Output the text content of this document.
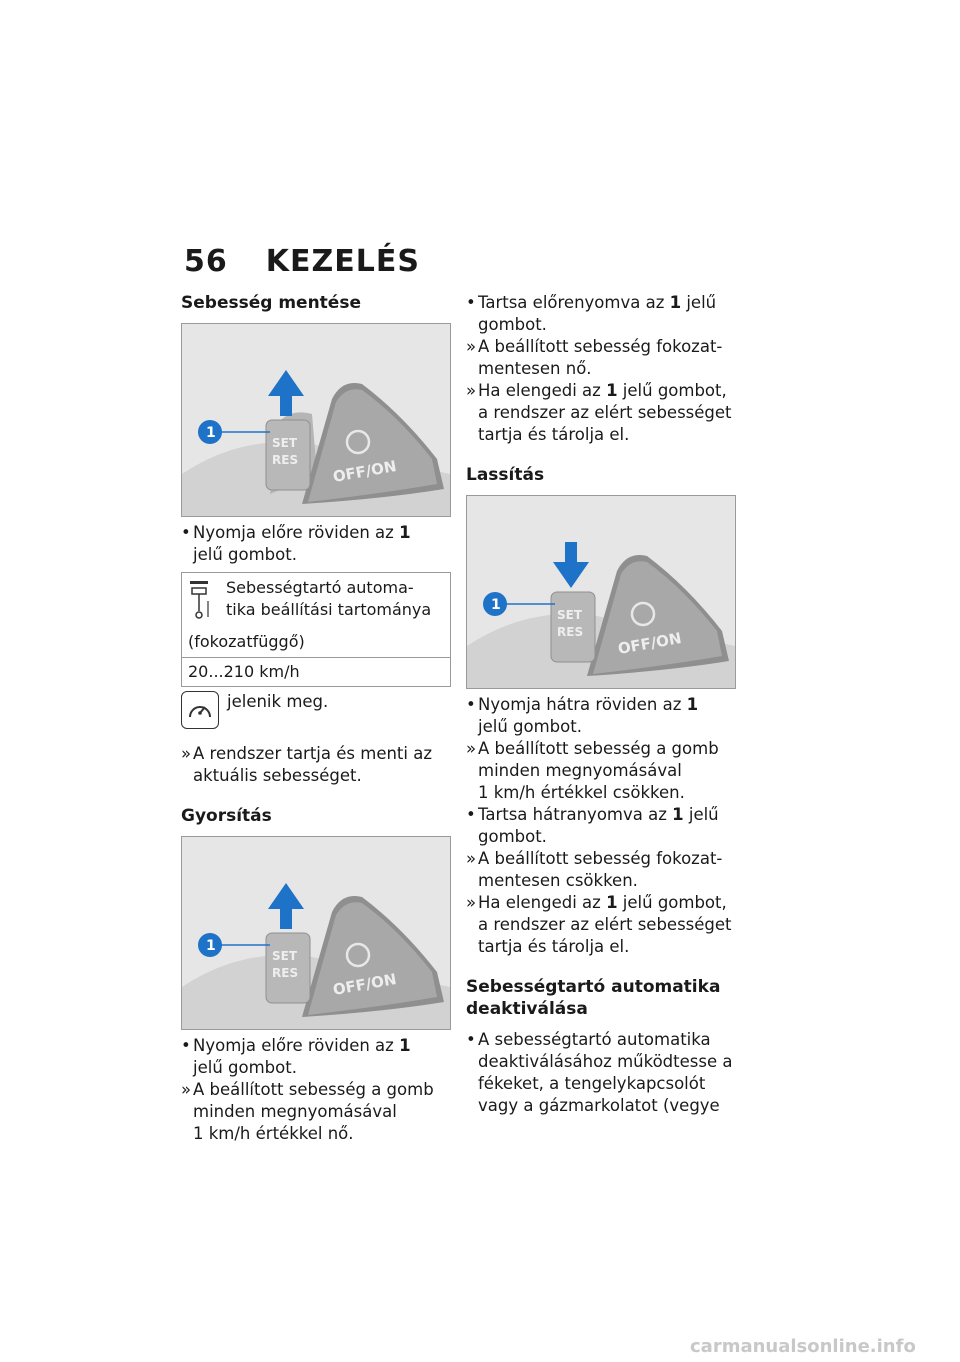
56 KEZELÉS
Sebesség mentése
SET
RES OFF/ON
1
• Nyomja előre röviden az 1
jelű gombot.
Sebességtartó automa-
tika beállítási tartománya
(fokozatfüggő)
20...210 km/h
jelenik meg.
» A rendszer tartja és menti az aktuális sebességet.
Gyorsítás
SET
RES OFF/ON
1
• Nyomja előre röviden az 1
jelű gombot.
» A beállított sebesség a gomb minden megnyomásával
1 km/h értékkel nő.
• Tartsa előrenyomva az 1 jelű
gombot.
» A beállított sebesség fokozat-mentesen nő.
» Ha elengedi az 1 jelű gombot,
a rendszer az elért sebességet tartja és tárolja el.
Lassítás
SET
RES OFF/ON
1
• Nyomja hátra röviden az 1
jelű gombot.
» A beállított sebesség a gomb minden megnyomásával
1 km/h értékkel csökken.
• Tartsa hátranyomva az 1 jelű
gombot.
» A beállított sebesség fokozat-mentesen csökken.
» Ha elengedi az 1 jelű gombot,
a rendszer az elért sebességet tartja és tárolja el.
Sebességtartó automatika deaktiválása
• A sebességtartó automatika deaktiválásához működtesse a fékeket, a tengelykapcsolót vagy a gázmarkolatot (vegye
carmanualsonline.info
